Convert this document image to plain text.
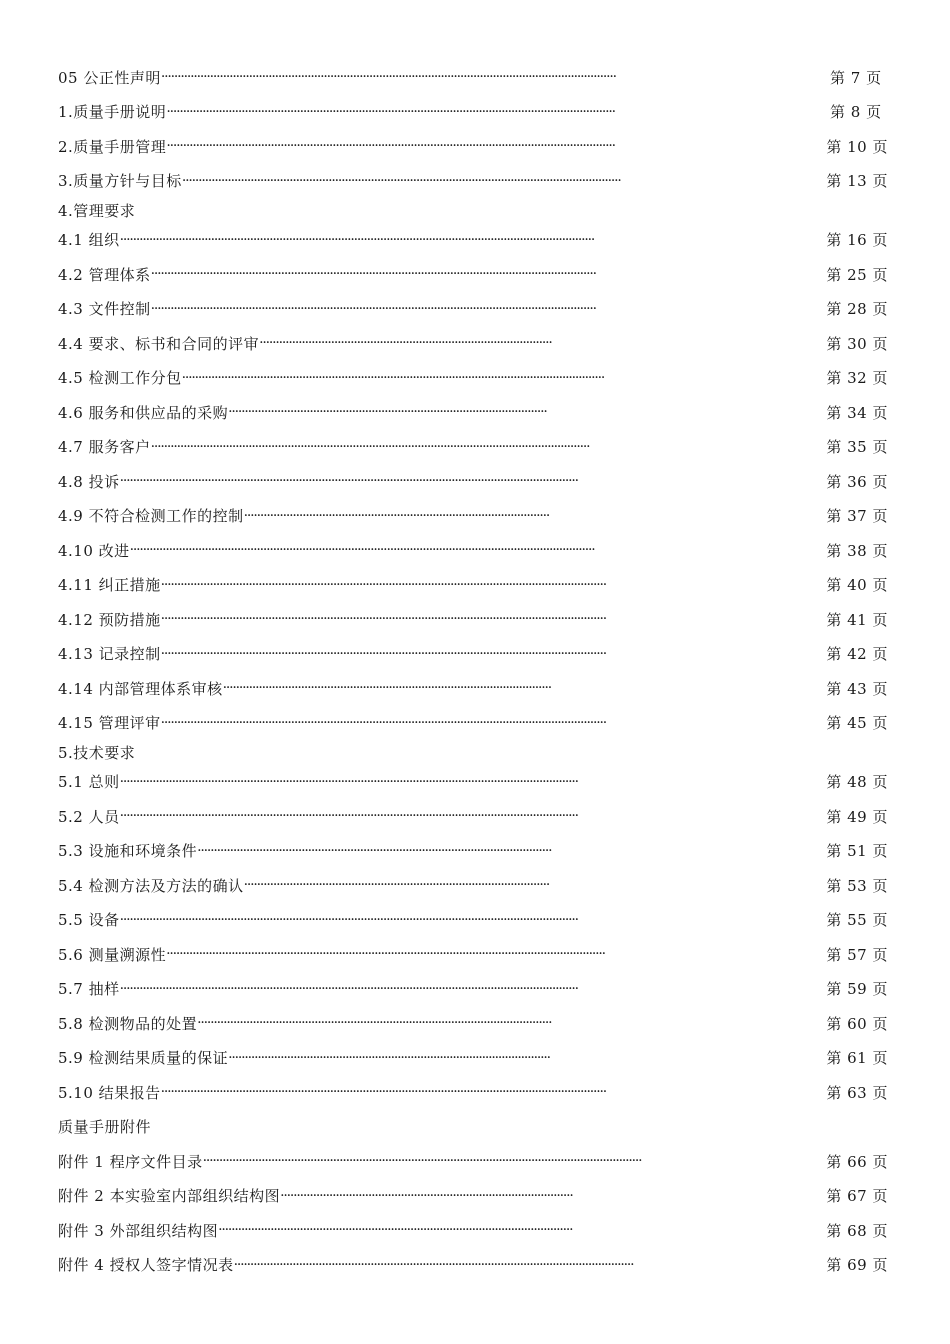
05 公正性声明 ············································································································································	第 7 页
1.质量手册说明 ··········································································································································	第 8 页
2.质量手册管理 ··········································································································································	第 10 页
3.质量方针与目标 ·······································································································································	第 13 页
4.管理要求
4.1 组织 ··················································································································································	第 16 页
4.2 管理体系 ·········································································································································	第 25 页
4.3 文件控制 ·········································································································································	第 28 页
4.4 要求、标书和合同的评审 ··························································································	第 30 页
4.5 检测工作分包 ··································································································································	第 32 页
4.6 服务和供应品的采购 ··································································································	第 34 页
4.7 服务客户 ·······································································································································	第 35 页
4.8 投诉 ·············································································································································	第 36 页
4.9 不符合检测工作的控制 ······························································································	第 37 页
4.10 改进 ···············································································································································	第 38 页
4.11 纠正措施 ·········································································································································	第 40 页
4.12 预防措施 ·········································································································································	第 41 页
4.13 记录控制 ·········································································································································	第 42 页
4.14 内部管理体系审核 ·····································································································	第 43 页
4.15 管理评审 ·········································································································································	第 45 页
5.技术要求
5.1 总则 ·············································································································································	第 48 页
5.2 人员 ·············································································································································	第 49 页
5.3 设施和环境条件 ·············································································································	第 51 页
5.4 检测方法及方法的确认 ······························································································	第 53 页
5.5 设备 ·············································································································································	第 55 页
5.6 测量溯源性 ·······································································································································	第 57 页
5.7 抽样 ·············································································································································	第 59 页
5.8 检测物品的处置 ·············································································································	第 60 页
5.9 检测结果质量的保证 ···································································································	第 61 页
5.10 结果报告 ·········································································································································	第 63 页
质量手册附件
附件 1 程序文件目录 ·······································································································································	第 66 页
附件 2 本实验室内部组织结构图 ··························································································	第 67 页
附件 3 外部组织结构图 ·············································································································	第 68 页
附件 4 授权人签字情况表 ···························································································································	第 69 页
